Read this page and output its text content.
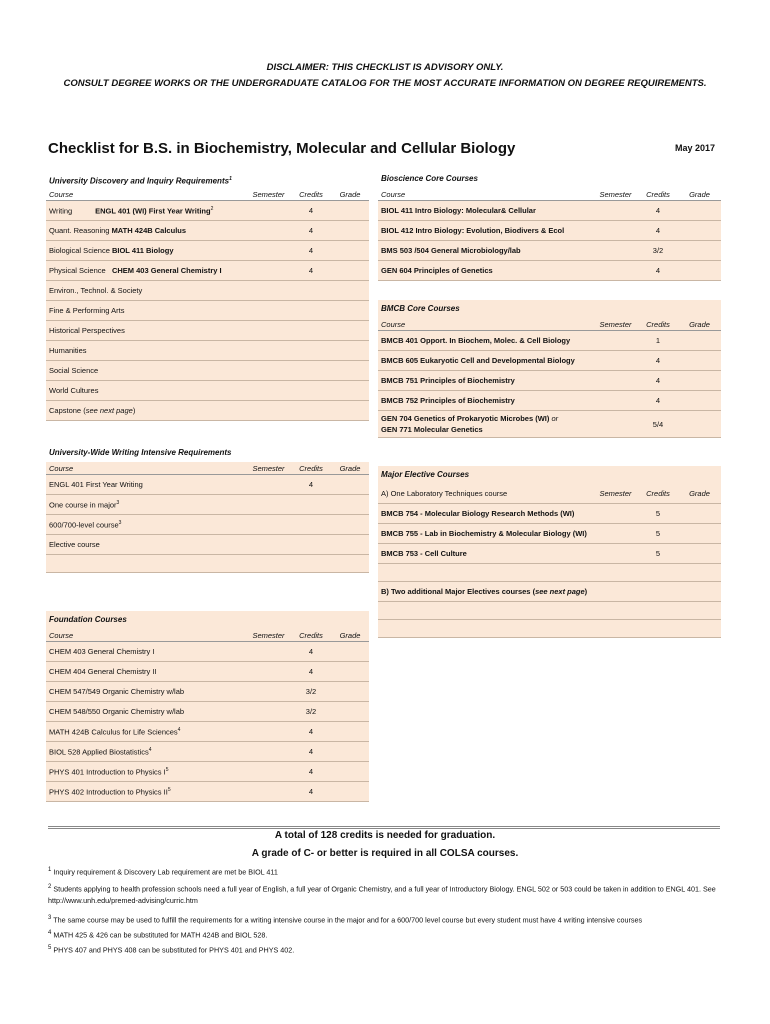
DISCLAIMER: THIS CHECKLIST IS ADVISORY ONLY.
CONSULT DEGREE WORKS OR THE UNDERGRADUATE CATALOG FOR THE MOST ACCURATE INFORMATION ON DEGREE REQUIREMENTS.
Checklist for B.S. in Biochemistry, Molecular and Cellular Biology	May 2017
University Discovery and Inquiry Requirements$^1$
Course	Semester	Credits	Grade
Writing ENGL 401 (WI) First Year Writing$^2$		4	
Quant. Reasoning MATH 424B Calculus		4	
Biological Science BIOL 411 Biology		4	
Physical Science CHEM 403 General Chemistry I		4	
Environ., Technol. & Society			
Fine & Performing Arts			
Historical Perspectives			
Humanities			
Social Science			
World Cultures			
Capstone (see next page)			
University-Wide Writing Intensive Requirements
Course	Semester	Credits	Grade
ENGL 401 First Year Writing		4	
One course in major$^3$			
600/700-level course$^3$			
Elective course			

Foundation Courses
Course	Semester	Credits	Grade
CHEM 403 General Chemistry I		4	
CHEM 404 General Chemistry II		4	
CHEM 547/549 Organic Chemistry w/lab		3/2	
CHEM 548/550 Organic Chemistry w/lab		3/2	
MATH 424B Calculus for Life Sciences$^4$		4	
BIOL 528 Applied Biostatistics$^4$		4	
PHYS 401 Introduction to Physics $I^5$		4	
PHYS 402 Introduction to Physics $II^5$		4	
Bioscience Core Courses
Course	Semester	Credits	Grade
BIOL 411 Intro Biology: Molecular& Cellular		4	
BIOL 412 Intro Biology: Evolution, Biodivers & Ecol		4	
BMS 503 /504 General Microbiology/lab		3/2	
GEN 604 Principles of Genetics		4	
BMCB Core Courses
Course	Semester	Credits	Grade
BMCB 401 Opport. In Biochem, Molec. & Cell Biology		1	
BMCB 605 Eukaryotic Cell and Developmental Biology		4	
BMCB 751 Principles of Biochemistry		4	
BMCB 752 Principles of Biochemistry		4	
GEN 704 Genetics of Prokaryotic Microbes (WI) or
GEN 771 Molecular Genetics		5/4	
Major Elective Courses
A) One Laboratory Techniques course	Semester	Credits	Grade
BMCB 754 - Molecular Biology Research Methods (WI)		5	
BMCB 755 - Lab in Biochemistry & Molecular Biology (WI)		5	
BMCB 753 - Cell Culture		5	

B) Two additional Major Electives courses (see next page)			

A total of 128 credits is needed for graduation.
A grade of C- or better is required in all COLSA courses.
$^1$ Inquiry requirement & Discovery Lab requirement are met be BIOL 411
$^2$ Students applying to health profession schools need a full year of English, a full year of Organic Chemistry, and a full year of Introductory Biology. ENGL 502 or 503 could be taken in addition to ENGL 401. See http://www.unh.edu/premed-advising/curric.htm
$^3$ The same course may be used to fulfill the requirements for a writing intensive course in the major and for a 600/700 level course but every student must have 4 writing intensive courses
$^4$ MATH 425 & 426 can be substituted for MATH 424B and BIOL 528.
$^5$ PHYS 407 and PHYS 408 can be substituted for PHYS 401 and PHYS 402.
